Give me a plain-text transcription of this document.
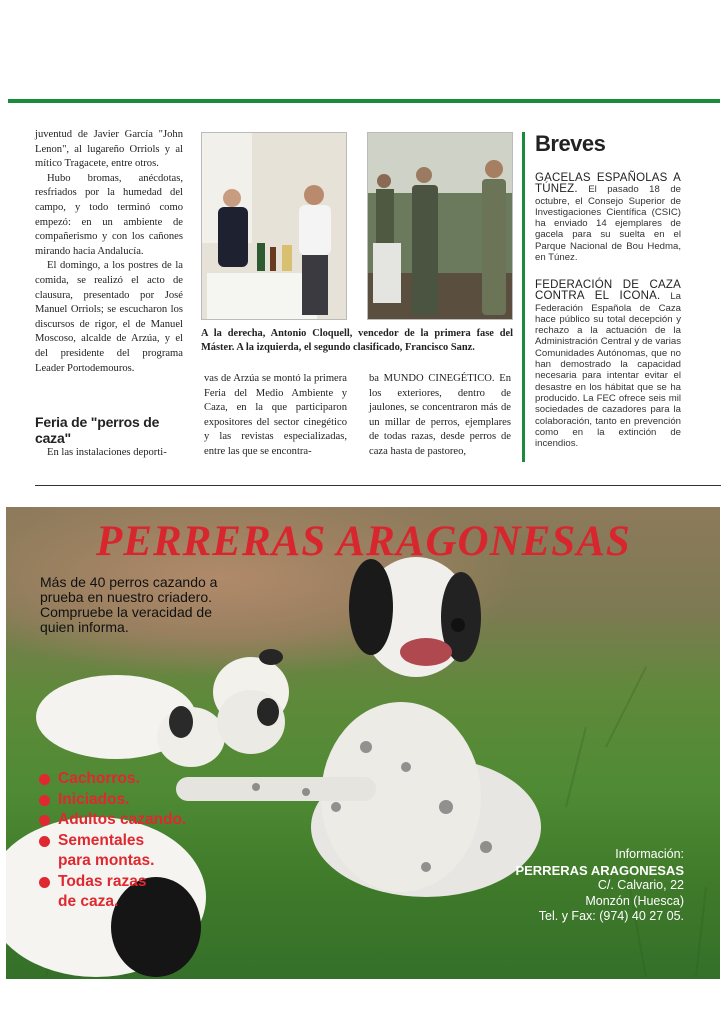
juventud de Javier García "John Lenon", al lugareño Orriols y al mítico Tragacete, entre otros.

Hubo bromas, anécdotas, resfriados por la humedad del campo, y todo terminó como empezó: en un ambiente de compañerismo y con los cañones mirando hacia Andalucía.

El domingo, a los postres de la comida, se realizó el acto de clausura, presentado por José Manuel Orriols; se escucharon los discursos de rigor, el de Manuel Moscoso, alcalde de Arzúa, y el del presidente del programa Leader Portodemouros.

Feria de "perros de caza"
En las instalaciones deporti-
A la derecha, Antonio Cloquell, vencedor de la primera fase del Máster. A la izquierda, el segundo clasificado, Francisco Sanz.

vas de Arzúa se montó la primera Feria del Medio Ambiente y Caza, en la que participaron expositores del sector cinegético y las revistas especializadas, entre las que se encontra-

ba MUNDO CINEGÉTICO. En los exteriores, dentro de jaulones, se concentraron más de un millar de perros, ejemplares de todas razas, desde perros de caza hasta de pastoreo,

Breves
GACELAS ESPAÑOLAS A TÚNEZ. El pasado 18 de octubre, el Consejo Superior de Investigaciones Científica (CSIC) ha enviado 14 ejemplares de gacela para su suelta en el Parque Nacional de Bou Hedma, en Túnez.
FEDERACIÓN DE CAZA CONTRA EL ICONA. La Federación Española de Caza hace público su total decepción y rechazo a la actuación de la Administración Central y de varias Comunidades Autónomas, que no han demostrado la capacidad necesaria para intentar evitar el desastre en los hábitat que se ha producido. La FEC ofrece seis mil sociedades de cazadores para la colaboración, tanto en prevención como en la extinción de incendios.
PERRERAS ARAGONESAS
Más de 40 perros cazando a prueba en nuestro criadero. Compruebe la veracidad de quien informa.
Cachorros.
Iniciados.
Adultos cazando.
Sementales
para montas.
Todas razas
de caza.
Información:
PERRERAS ARAGONESAS
C/. Calvario, 22
Monzón (Huesca)
Tel. y Fax: (974) 40 27 05.
